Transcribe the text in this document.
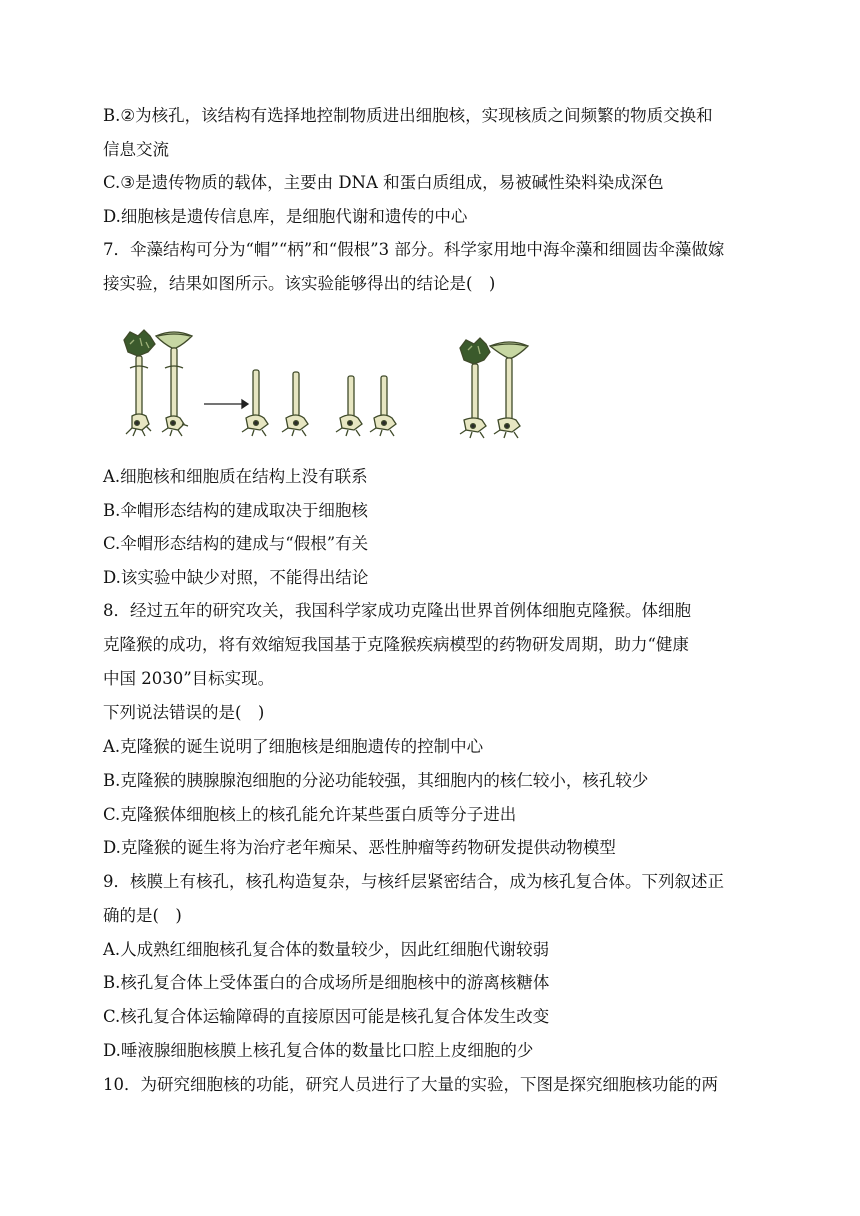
B.②为核孔，该结构有选择地控制物质进出细胞核，实现核质之间频繁的物质交换和

信息交流

C.③是遗传物质的载体，主要由 DNA 和蛋白质组成，易被碱性染料染成深色

D.细胞核是遗传信息库，是细胞代谢和遗传的中心

7．伞藻结构可分为“帽”“柄”和“假根”3 部分。科学家用地中海伞藻和细圆齿伞藻做嫁

接实验，结果如图所示。该实验能够得出的结论是(　)

A.细胞核和细胞质在结构上没有联系

B.伞帽形态结构的建成取决于细胞核

C.伞帽形态结构的建成与“假根”有关

D.该实验中缺少对照，不能得出结论

8．经过五年的研究攻关，我国科学家成功克隆出世界首例体细胞克隆猴。体细胞

克隆猴的成功，将有效缩短我国基于克隆猴疾病模型的药物研发周期，助力“健康

中国 2030”目标实现。

下列说法错误的是(　)

A.克隆猴的诞生说明了细胞核是细胞遗传的控制中心

B.克隆猴的胰腺腺泡细胞的分泌功能较强，其细胞内的核仁较小，核孔较少

C.克隆猴体细胞核上的核孔能允许某些蛋白质等分子进出

D.克隆猴的诞生将为治疗老年痴呆、恶性肿瘤等药物研发提供动物模型

9．核膜上有核孔，核孔构造复杂，与核纤层紧密结合，成为核孔复合体。下列叙述正

确的是(　)

A.人成熟红细胞核孔复合体的数量较少，因此红细胞代谢较弱

B.核孔复合体上受体蛋白的合成场所是细胞核中的游离核糖体

C.核孔复合体运输障碍的直接原因可能是核孔复合体发生改变

D.唾液腺细胞核膜上核孔复合体的数量比口腔上皮细胞的少

10．为研究细胞核的功能，研究人员进行了大量的实验，下图是探究细胞核功能的两
